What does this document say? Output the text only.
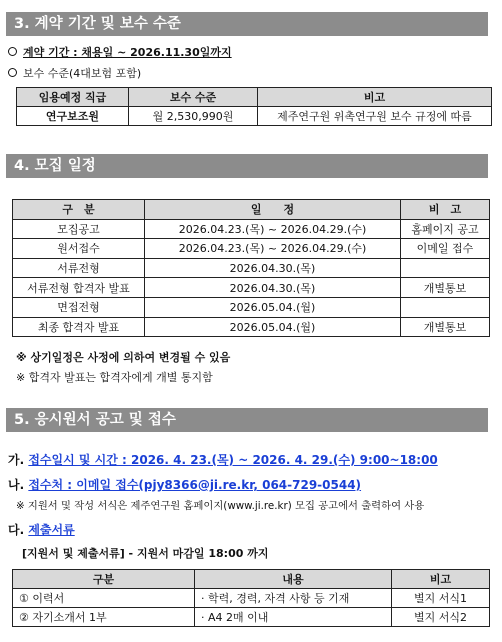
3. 계약 기간 및 보수 수준
계약 기간 : 채용일 ~ 2026.11.30일까지
보수 수준(4대보험 포함)
임용예정 직급	보수 수준	비고
연구보조원	월 2,530,990원	제주연구원 위촉연구원 보수 규정에 따름
4. 모집 일정
구　분	일　　정	비　고
모집공고	2026.04.23.(목) ~ 2026.04.29.(수)	홈페이지 공고
원서접수	2026.04.23.(목) ~ 2026.04.29.(수)	이메일 접수
서류전형	2026.04.30.(목)	
서류전형 합격자 발표	2026.04.30.(목)	개별통보
면접전형	2026.05.04.(월)	
최종 합격자 발표	2026.05.04.(월)	개별통보
※ 상기일정은 사정에 의하여 변경될 수 있음
※ 합격자 발표는 합격자에게 개별 통지함
5. 응시원서 공고 및 접수
가. 접수일시 및 시간 : 2026. 4. 23.(목) ~ 2026. 4. 29.(수) 9:00~18:00
나. 접수처 : 이메일 접수(pjy8366@ji.re.kr, 064-729-0544)
※ 지원서 및 작성 서식은 제주연구원 홈페이지(www.ji.re.kr) 모집 공고에서 출력하여 사용
다. 제출서류
[지원서 및 제출서류] - 지원서 마감일 18:00 까지
구분	내용	비고
① 이력서	· 학력, 경력, 자격 사항 등 기재	별지 서식1
② 자기소개서 1부	· A4 2매 이내	별지 서식2
